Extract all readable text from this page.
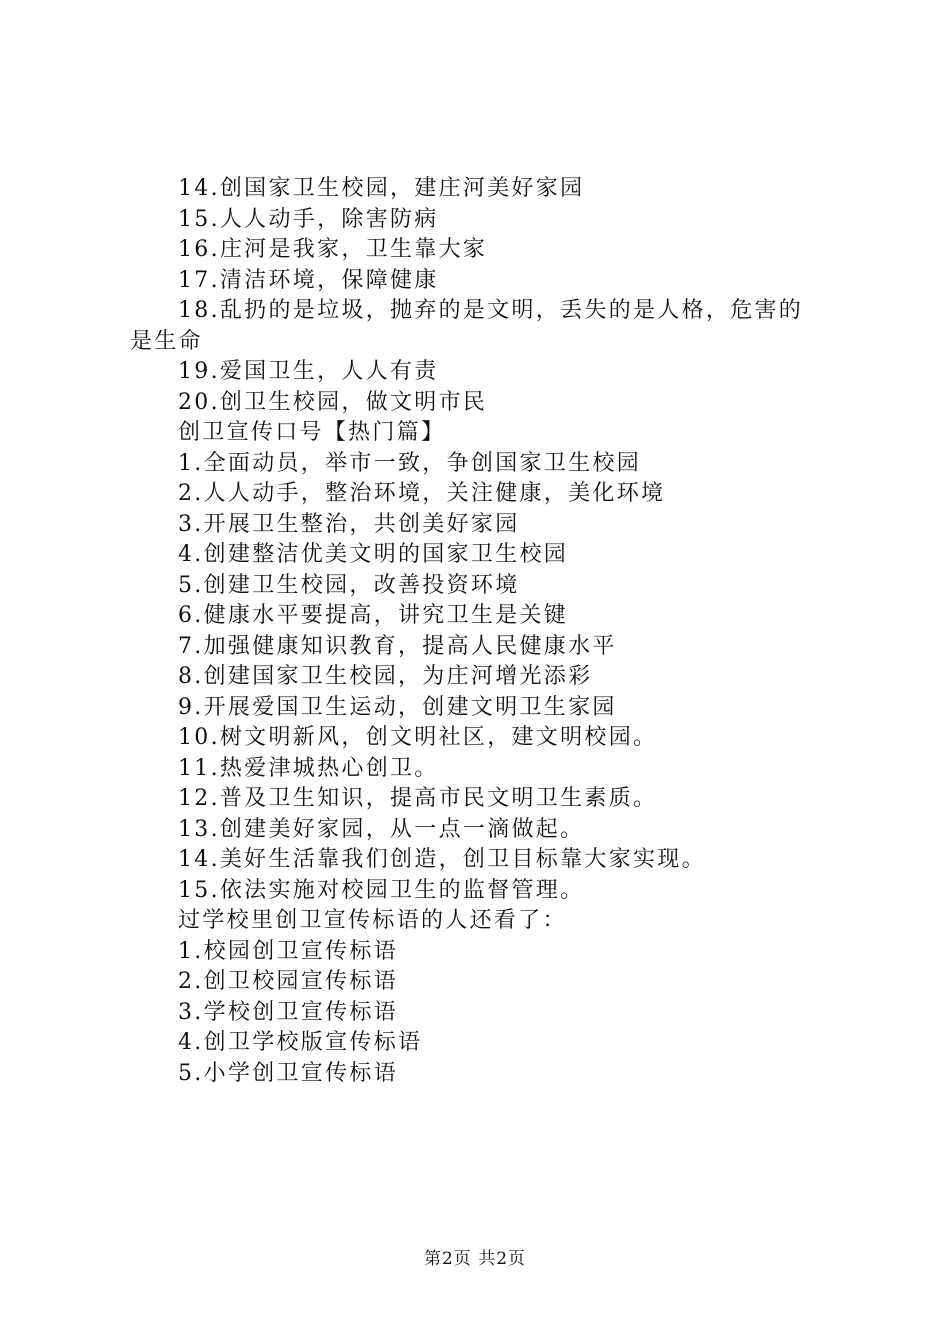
14.创国家卫生校园，建庄河美好家园
15.人人动手，除害防病
16.庄河是我家，卫生靠大家
17.清洁环境，保障健康
18.乱扔的是垃圾，抛弃的是文明，丢失的是人格，危害的
是生命
19.爱国卫生，人人有责
20.创卫生校园，做文明市民
创卫宣传口号【热门篇】
1.全面动员，举市一致，争创国家卫生校园
2.人人动手，整治环境，关注健康，美化环境
3.开展卫生整治，共创美好家园
4.创建整洁优美文明的国家卫生校园
5.创建卫生校园，改善投资环境
6.健康水平要提高，讲究卫生是关键
7.加强健康知识教育，提高人民健康水平
8.创建国家卫生校园，为庄河增光添彩
9.开展爱国卫生运动，创建文明卫生家园
10.树文明新风，创文明社区，建文明校园。
11.热爱津城热心创卫。
12.普及卫生知识，提高市民文明卫生素质。
13.创建美好家园，从一点一滴做起。
14.美好生活靠我们创造，创卫目标靠大家实现。
15.依法实施对校园卫生的监督管理。
过学校里创卫宣传标语的人还看了：
1.校园创卫宣传标语
2.创卫校园宣传标语
3.学校创卫宣传标语
4.创卫学校版宣传标语
5.小学创卫宣传标语
第2页 共2页
